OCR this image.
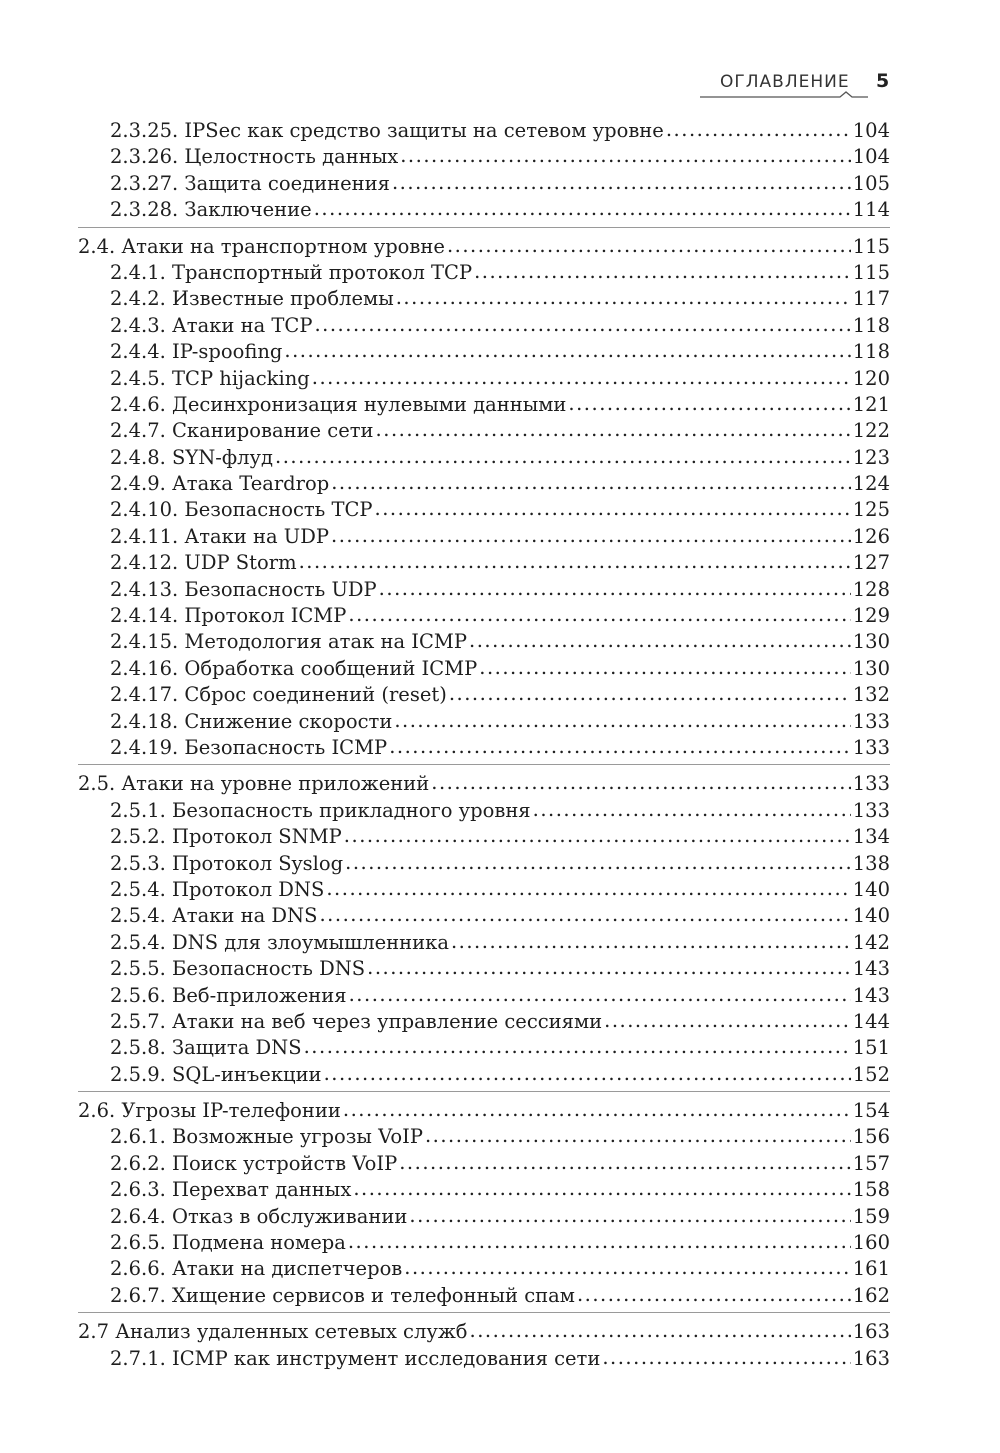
ОГЛАВЛЕНИЕ 5
2.3.25. IPSec как средство защиты на сетевом уровне .....	104
2.3.26. Целостность данных .....	104
2.3.27. Защита соединения .....	105
2.3.28. Заключение .....	114
2.4. Атаки на транспортном уровне .....	115
2.4.1. Транспортный протокол TCP .....	115
2.4.2. Известные проблемы .....	117
2.4.3. Атаки на TCP .....	118
2.4.4. IP-spoofing .....	118
2.4.5. TCP hijacking .....	120
2.4.6. Десинхронизация нулевыми данными .....	121
2.4.7. Сканирование сети .....	122
2.4.8. SYN-флуд .....	123
2.4.9. Атака Teardrop .....	124
2.4.10. Безопасность TCP .....	125
2.4.11. Атаки на UDP .....	126
2.4.12. UDP Storm .....	127
2.4.13. Безопасность UDP .....	128
2.4.14. Протокол ICMP .....	129
2.4.15. Методология атак на ICMP .....	130
2.4.16. Обработка сообщений ICMP .....	130
2.4.17. Сброс соединений (reset) .....	132
2.4.18. Снижение скорости .....	133
2.4.19. Безопасность ICMP .....	133
2.5. Атаки на уровне приложений .....	133
2.5.1. Безопасность прикладного уровня .....	133
2.5.2. Протокол SNMP .....	134
2.5.3. Протокол Syslog .....	138
2.5.4. Протокол DNS .....	140
2.5.4. Атаки на DNS .....	140
2.5.4. DNS для злоумышленника .....	142
2.5.5. Безопасность DNS .....	143
2.5.6. Веб-приложения .....	143
2.5.7. Атаки на веб через управление сессиями .....	144
2.5.8. Защита DNS .....	151
2.5.9. SQL-инъекции .....	152
2.6. Угрозы IP-телефонии .....	154
2.6.1. Возможные угрозы VoIP .....	156
2.6.2. Поиск устройств VoIP .....	157
2.6.3. Перехват данных .....	158
2.6.4. Отказ в обслуживании .....	159
2.6.5. Подмена номера .....	160
2.6.6. Атаки на диспетчеров .....	161
2.6.7. Хищение сервисов и телефонный спам .....	162
2.7 Анализ удаленных сетевых служб .....	163
2.7.1. ICMP как инструмент исследования сети .....	163
